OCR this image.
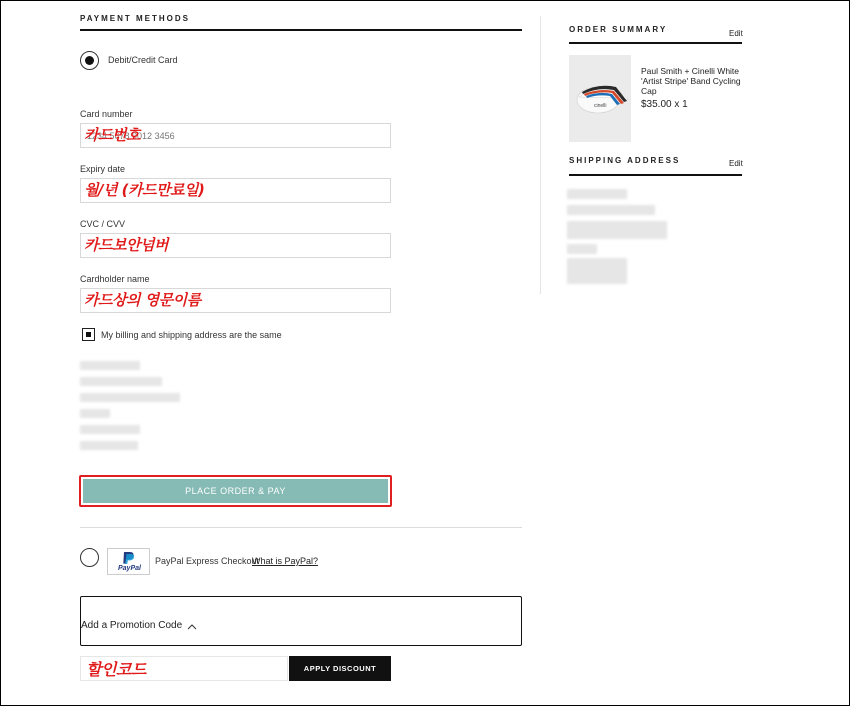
PAYMENT METHODS
Debit/Credit Card
Card number
1234 5678 9012 3456
카드번호
Expiry date
월/년 (카드만료일)
CVC / CVV
카드보안넘버
Cardholder name
카드상의 영문이름
My billing and shipping address are the same
PLACE ORDER & PAY
PayPal
PayPal Express Checkout
What is PayPal?
Add a Promotion Code
할인코드	APPLY DISCOUNT
ORDER SUMMARY	Edit
cinelli
Paul Smith + Cinelli White 'Artist Stripe' Band Cycling Cap
$35.00 x 1
SHIPPING ADDRESS	Edit
